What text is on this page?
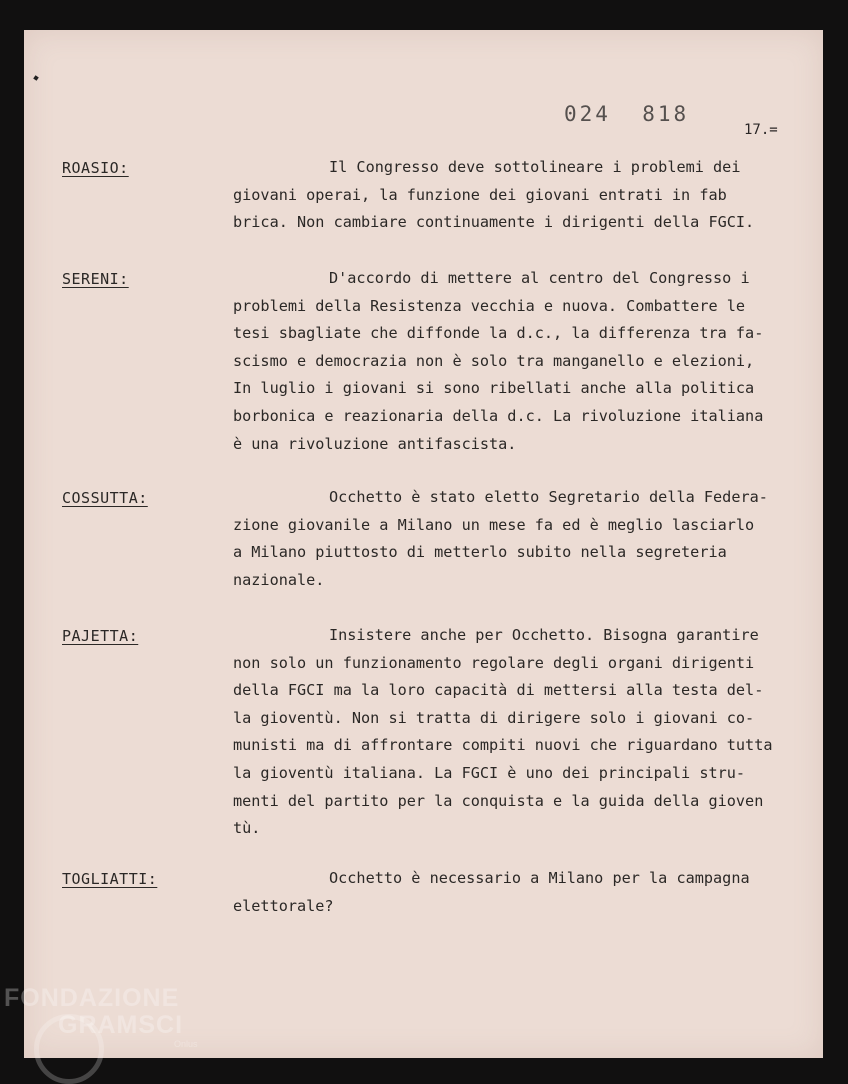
024  818
17.=
ROASIO:	Il Congresso deve sottolineare i problemi dei
giovani operai, la funzione dei giovani entrati in fab
brica. Non cambiare continuamente i dirigenti della FGCI.
SERENI:	D'accordo di mettere al centro del Congresso i
problemi della Resistenza vecchia e nuova. Combattere le
tesi sbagliate che diffonde la d.c., la differenza tra fa-
scismo e democrazia non è solo tra manganello e elezioni,
In luglio i giovani si sono ribellati anche alla politica
borbonica e reazionaria della d.c. La rivoluzione italiana
è una rivoluzione antifascista.
COSSUTTA:	Occhetto è stato eletto Segretario della Federa-
zione giovanile a Milano un mese fa ed è meglio lasciarlo
a Milano piuttosto di metterlo subito nella segreteria
nazionale.
PAJETTA:	Insistere anche per Occhetto. Bisogna garantire
non solo un funzionamento regolare degli organi dirigenti
della FGCI ma la loro capacità di mettersi alla testa del-
la gioventù. Non si tratta di dirigere solo i giovani co-
munisti ma di affrontare compiti nuovi che riguardano tutta
la gioventù italiana. La FGCI è uno dei principali stru-
menti del partito per la conquista e la guida della gioven
tù.
TOGLIATTI:	Occhetto è necessario a Milano per la campagna
elettorale?
FONDAZIONE
GRAMSCI
Onlus
